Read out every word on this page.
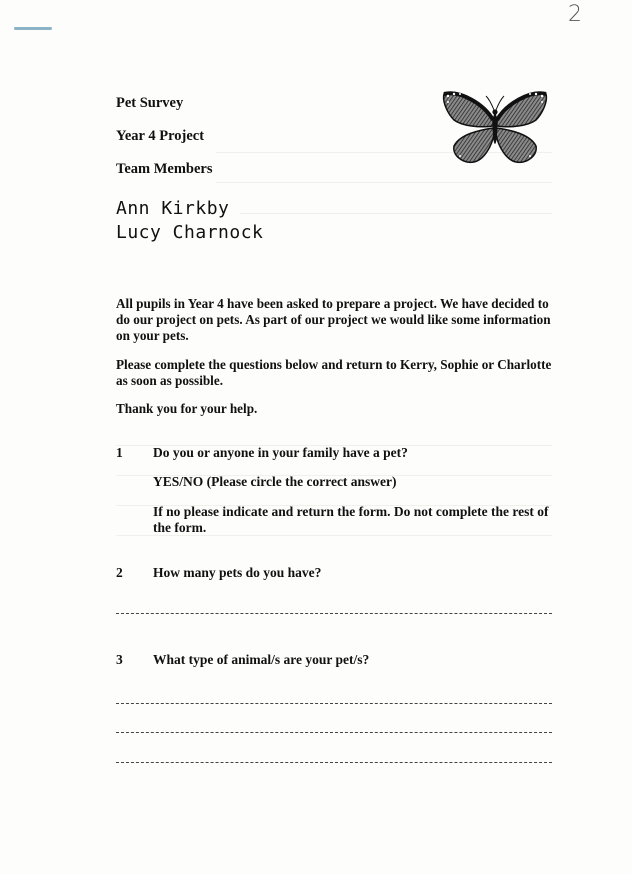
2
Pet Survey
Year 4 Project
Team Members
Ann Kirkby
Lucy Charnock
All pupils in Year 4 have been asked to prepare a project. We have decided to do our project on pets. As part of our project we would like some information on your pets.
Please complete the questions below and return to Kerry, Sophie or Charlotte as soon as possible.
Thank you for your help.
1 Do you or anyone in your family have a pet?
YES/NO (Please circle the correct answer)
If no please indicate and return the form. Do not complete the rest of the form.
2 How many pets do you have?
3 What type of animal/s are your pet/s?
